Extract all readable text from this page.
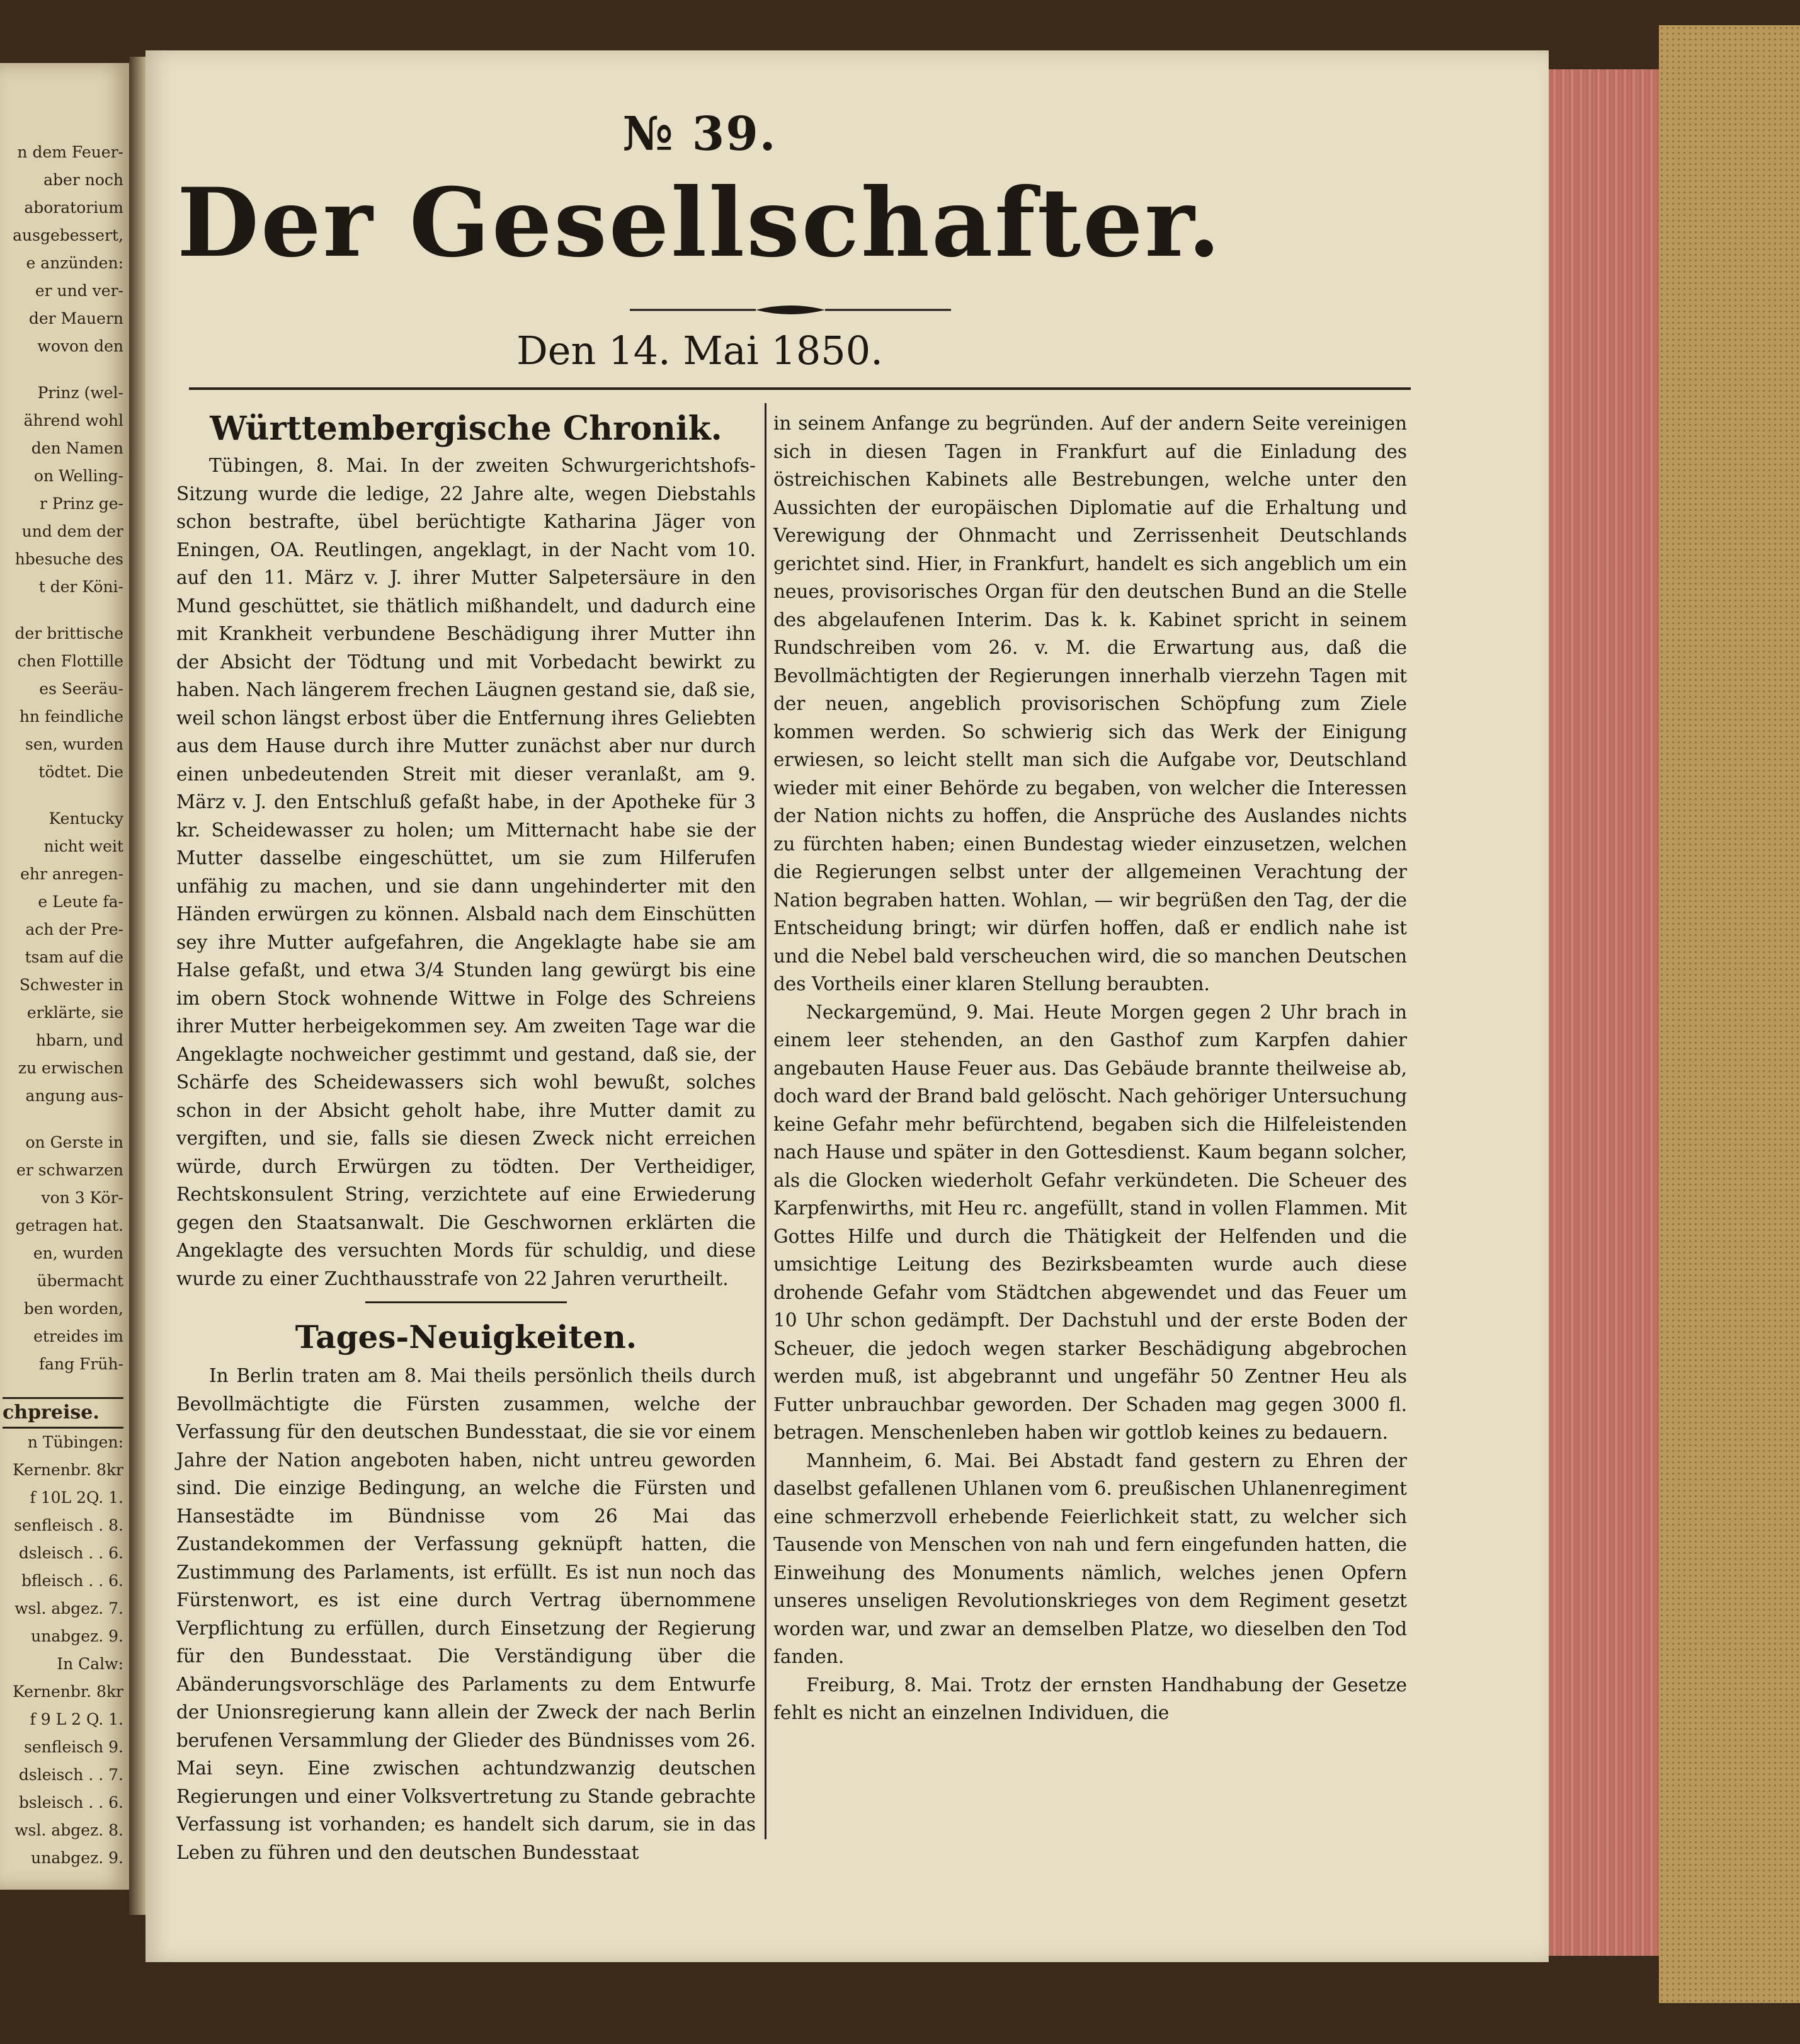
n dem Feuer-
aber noch
aboratorium
ausgebessert,
e anzünden:
er und ver-
der Mauern
wovon den
Prinz (wel-
ährend wohl
den Namen
on Welling-
r Prinz ge-
und dem der
hbesuche des
t der Köni-
der brittische
chen Flottille
es Seeräu-
hn feindliche
sen, wurden
tödtet. Die
Kentucky
nicht weit
ehr anregen-
e Leute fa-
ach der Pre-
tsam auf die
Schwester in
erklärte, sie
hbarn, und
zu erwischen
angung aus-
on Gerste in
er schwarzen
von 3 Kör-
getragen hat.
en, wurden
übermacht
ben worden,
etreides im
fang Früh-
chpreise.
n Tübingen:
Kernenbr. 8kr
f 10L 2Q. 1.
senfleisch . 8.
dsleisch . . 6.
bfleisch . . 6.
wsl. abgez. 7.
unabgez. 9.
In Calw:
Kernenbr. 8kr
f 9 L 2 Q. 1.
senfleisch 9.
dsleisch . . 7.
bsleisch . . 6.
wsl. abgez. 8.
unabgez. 9.
№ 39.
Der Gesellschafter.
Den 14. Mai 1850.
Württembergische Chronik.

Tübingen, 8. Mai. In der zweiten Schwurgerichtshofs-Sitzung wurde die ledige, 22 Jahre alte, wegen Diebstahls schon bestrafte, übel berüchtigte Katharina Jäger von Eningen, OA. Reutlingen, angeklagt, in der Nacht vom 10. auf den 11. März v. J. ihrer Mutter Salpetersäure in den Mund geschüttet, sie thätlich mißhandelt, und dadurch eine mit Krankheit verbundene Beschädigung ihrer Mutter ihn der Absicht der Tödtung und mit Vorbedacht bewirkt zu haben. Nach längerem frechen Läugnen gestand sie, daß sie, weil schon längst erbost über die Entfernung ihres Geliebten aus dem Hause durch ihre Mutter zunächst aber nur durch einen unbedeutenden Streit mit dieser veranlaßt, am 9. März v. J. den Entschluß gefaßt habe, in der Apotheke für 3 kr. Scheidewasser zu holen; um Mitternacht habe sie der Mutter dasselbe eingeschüttet, um sie zum Hilferufen unfähig zu machen, und sie dann ungehinderter mit den Händen erwürgen zu können. Alsbald nach dem Einschütten sey ihre Mutter aufgefahren, die Angeklagte habe sie am Halse gefaßt, und etwa 3/4 Stunden lang gewürgt bis eine im obern Stock wohnende Wittwe in Folge des Schreiens ihrer Mutter herbeigekommen sey. Am zweiten Tage war die Angeklagte nochweicher gestimmt und gestand, daß sie, der Schärfe des Scheidewassers sich wohl bewußt, solches schon in der Absicht geholt habe, ihre Mutter damit zu vergiften, und sie, falls sie diesen Zweck nicht erreichen würde, durch Erwürgen zu tödten. Der Vertheidiger, Rechtskonsulent String, verzichtete auf eine Erwiederung gegen den Staatsanwalt. Die Geschwornen erklärten die Angeklagte des versuchten Mords für schuldig, und diese wurde zu einer Zuchthausstrafe von 22 Jahren verurtheilt.

Tages-Neuigkeiten.

In Berlin traten am 8. Mai theils persönlich theils durch Bevollmächtigte die Fürsten zusammen, welche der Verfassung für den deutschen Bundesstaat, die sie vor einem Jahre der Nation angeboten haben, nicht untreu geworden sind. Die einzige Bedingung, an welche die Fürsten und Hansestädte im Bündnisse vom 26 Mai das Zustandekommen der Verfassung geknüpft hatten, die Zustimmung des Parlaments, ist erfüllt. Es ist nun noch das Fürstenwort, es ist eine durch Vertrag übernommene Verpflichtung zu erfüllen, durch Einsetzung der Regierung für den Bundesstaat. Die Verständigung über die Abänderungsvorschläge des Parlaments zu dem Entwurfe der Unionsregierung kann allein der Zweck der nach Berlin berufenen Versammlung der Glieder des Bündnisses vom 26. Mai seyn. Eine zwischen achtundzwanzig deutschen Regierungen und einer Volksvertretung zu Stande gebrachte Verfassung ist vorhanden; es handelt sich darum, sie in das Leben zu führen und den deutschen Bundesstaat

in seinem Anfange zu begründen. Auf der andern Seite vereinigen sich in diesen Tagen in Frankfurt auf die Einladung des östreichischen Kabinets alle Bestrebungen, welche unter den Aussichten der europäischen Diplomatie auf die Erhaltung und Verewigung der Ohnmacht und Zerrissenheit Deutschlands gerichtet sind. Hier, in Frankfurt, handelt es sich angeblich um ein neues, provisorisches Organ für den deutschen Bund an die Stelle des abgelaufenen Interim. Das k. k. Kabinet spricht in seinem Rundschreiben vom 26. v. M. die Erwartung aus, daß die Bevollmächtigten der Regierungen innerhalb vierzehn Tagen mit der neuen, angeblich provisorischen Schöpfung zum Ziele kommen werden. So schwierig sich das Werk der Einigung erwiesen, so leicht stellt man sich die Aufgabe vor, Deutschland wieder mit einer Behörde zu begaben, von welcher die Interessen der Nation nichts zu hoffen, die Ansprüche des Auslandes nichts zu fürchten haben; einen Bundestag wieder einzusetzen, welchen die Regierungen selbst unter der allgemeinen Verachtung der Nation begraben hatten. Wohlan, — wir begrüßen den Tag, der die Entscheidung bringt; wir dürfen hoffen, daß er endlich nahe ist und die Nebel bald verscheuchen wird, die so manchen Deutschen des Vortheils einer klaren Stellung beraubten.

Neckargemünd, 9. Mai. Heute Morgen gegen 2 Uhr brach in einem leer stehenden, an den Gasthof zum Karpfen dahier angebauten Hause Feuer aus. Das Gebäude brannte theilweise ab, doch ward der Brand bald gelöscht. Nach gehöriger Untersuchung keine Gefahr mehr befürchtend, begaben sich die Hilfeleistenden nach Hause und später in den Gottesdienst. Kaum begann solcher, als die Glocken wiederholt Gefahr verkündeten. Die Scheuer des Karpfenwirths, mit Heu rc. angefüllt, stand in vollen Flammen. Mit Gottes Hilfe und durch die Thätigkeit der Helfenden und die umsichtige Leitung des Bezirksbeamten wurde auch diese drohende Gefahr vom Städtchen abgewendet und das Feuer um 10 Uhr schon gedämpft. Der Dachstuhl und der erste Boden der Scheuer, die jedoch wegen starker Beschädigung abgebrochen werden muß, ist abgebrannt und ungefähr 50 Zentner Heu als Futter unbrauchbar geworden. Der Schaden mag gegen 3000 fl. betragen. Menschenleben haben wir gottlob keines zu bedauern.

Mannheim, 6. Mai. Bei Abstadt fand gestern zu Ehren der daselbst gefallenen Uhlanen vom 6. preußischen Uhlanenregiment eine schmerzvoll erhebende Feierlichkeit statt, zu welcher sich Tausende von Menschen von nah und fern eingefunden hatten, die Einweihung des Monuments nämlich, welches jenen Opfern unseres unseligen Revolutionskrieges von dem Regiment gesetzt worden war, und zwar an demselben Platze, wo dieselben den Tod fanden.

Freiburg, 8. Mai. Trotz der ernsten Handhabung der Gesetze fehlt es nicht an einzelnen Individuen, die
